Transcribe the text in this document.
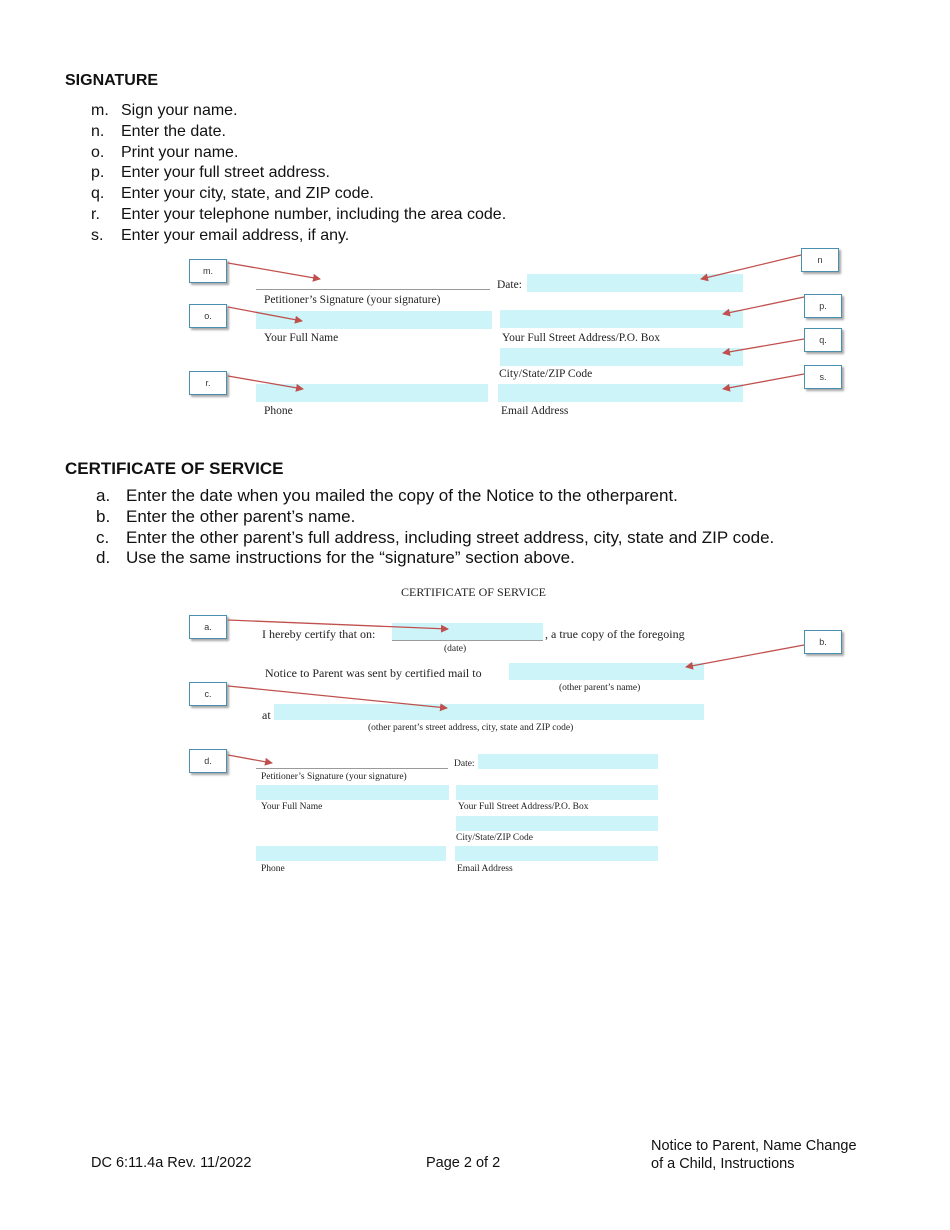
SIGNATURE
m. Sign your name.
n. Enter the date.
o. Print your name.
p. Enter your full street address.
q. Enter your city, state, and ZIP code.
r. Enter your telephone number, including the area code.
s. Enter your email address, if any.
Petitioner’s Signature (your signature)
Date:
Your Full Name	Your Full Street Address/P.O. Box
City/State/ZIP Code
Phone	Email Address
m.
n
o.
p.
q.
r.
s.
CERTIFICATE OF SERVICE
a. Enter the date when you mailed the copy of the Notice to the otherparent.
b. Enter the other parent’s name.
c. Enter the other parent’s full address, including street address, city, state and ZIP code.
d. Use the same instructions for the “signature” section above.
CERTIFICATE OF SERVICE
I hereby certify that on:	, a true copy of the foregoing
(date)
Notice to Parent was sent by certified mail to
(other parent’s name)
at
(other parent’s street address, city, state and ZIP code)
Petitioner’s Signature (your signature)
Date:
Your Full Name	Your Full Street Address/P.O. Box
City/State/ZIP Code
Phone	Email Address
a.
b.
c.
d.
DC 6:11.4a Rev. 11/2022	Page 2 of 2
Notice to Parent, Name Change
of a Child, Instructions
